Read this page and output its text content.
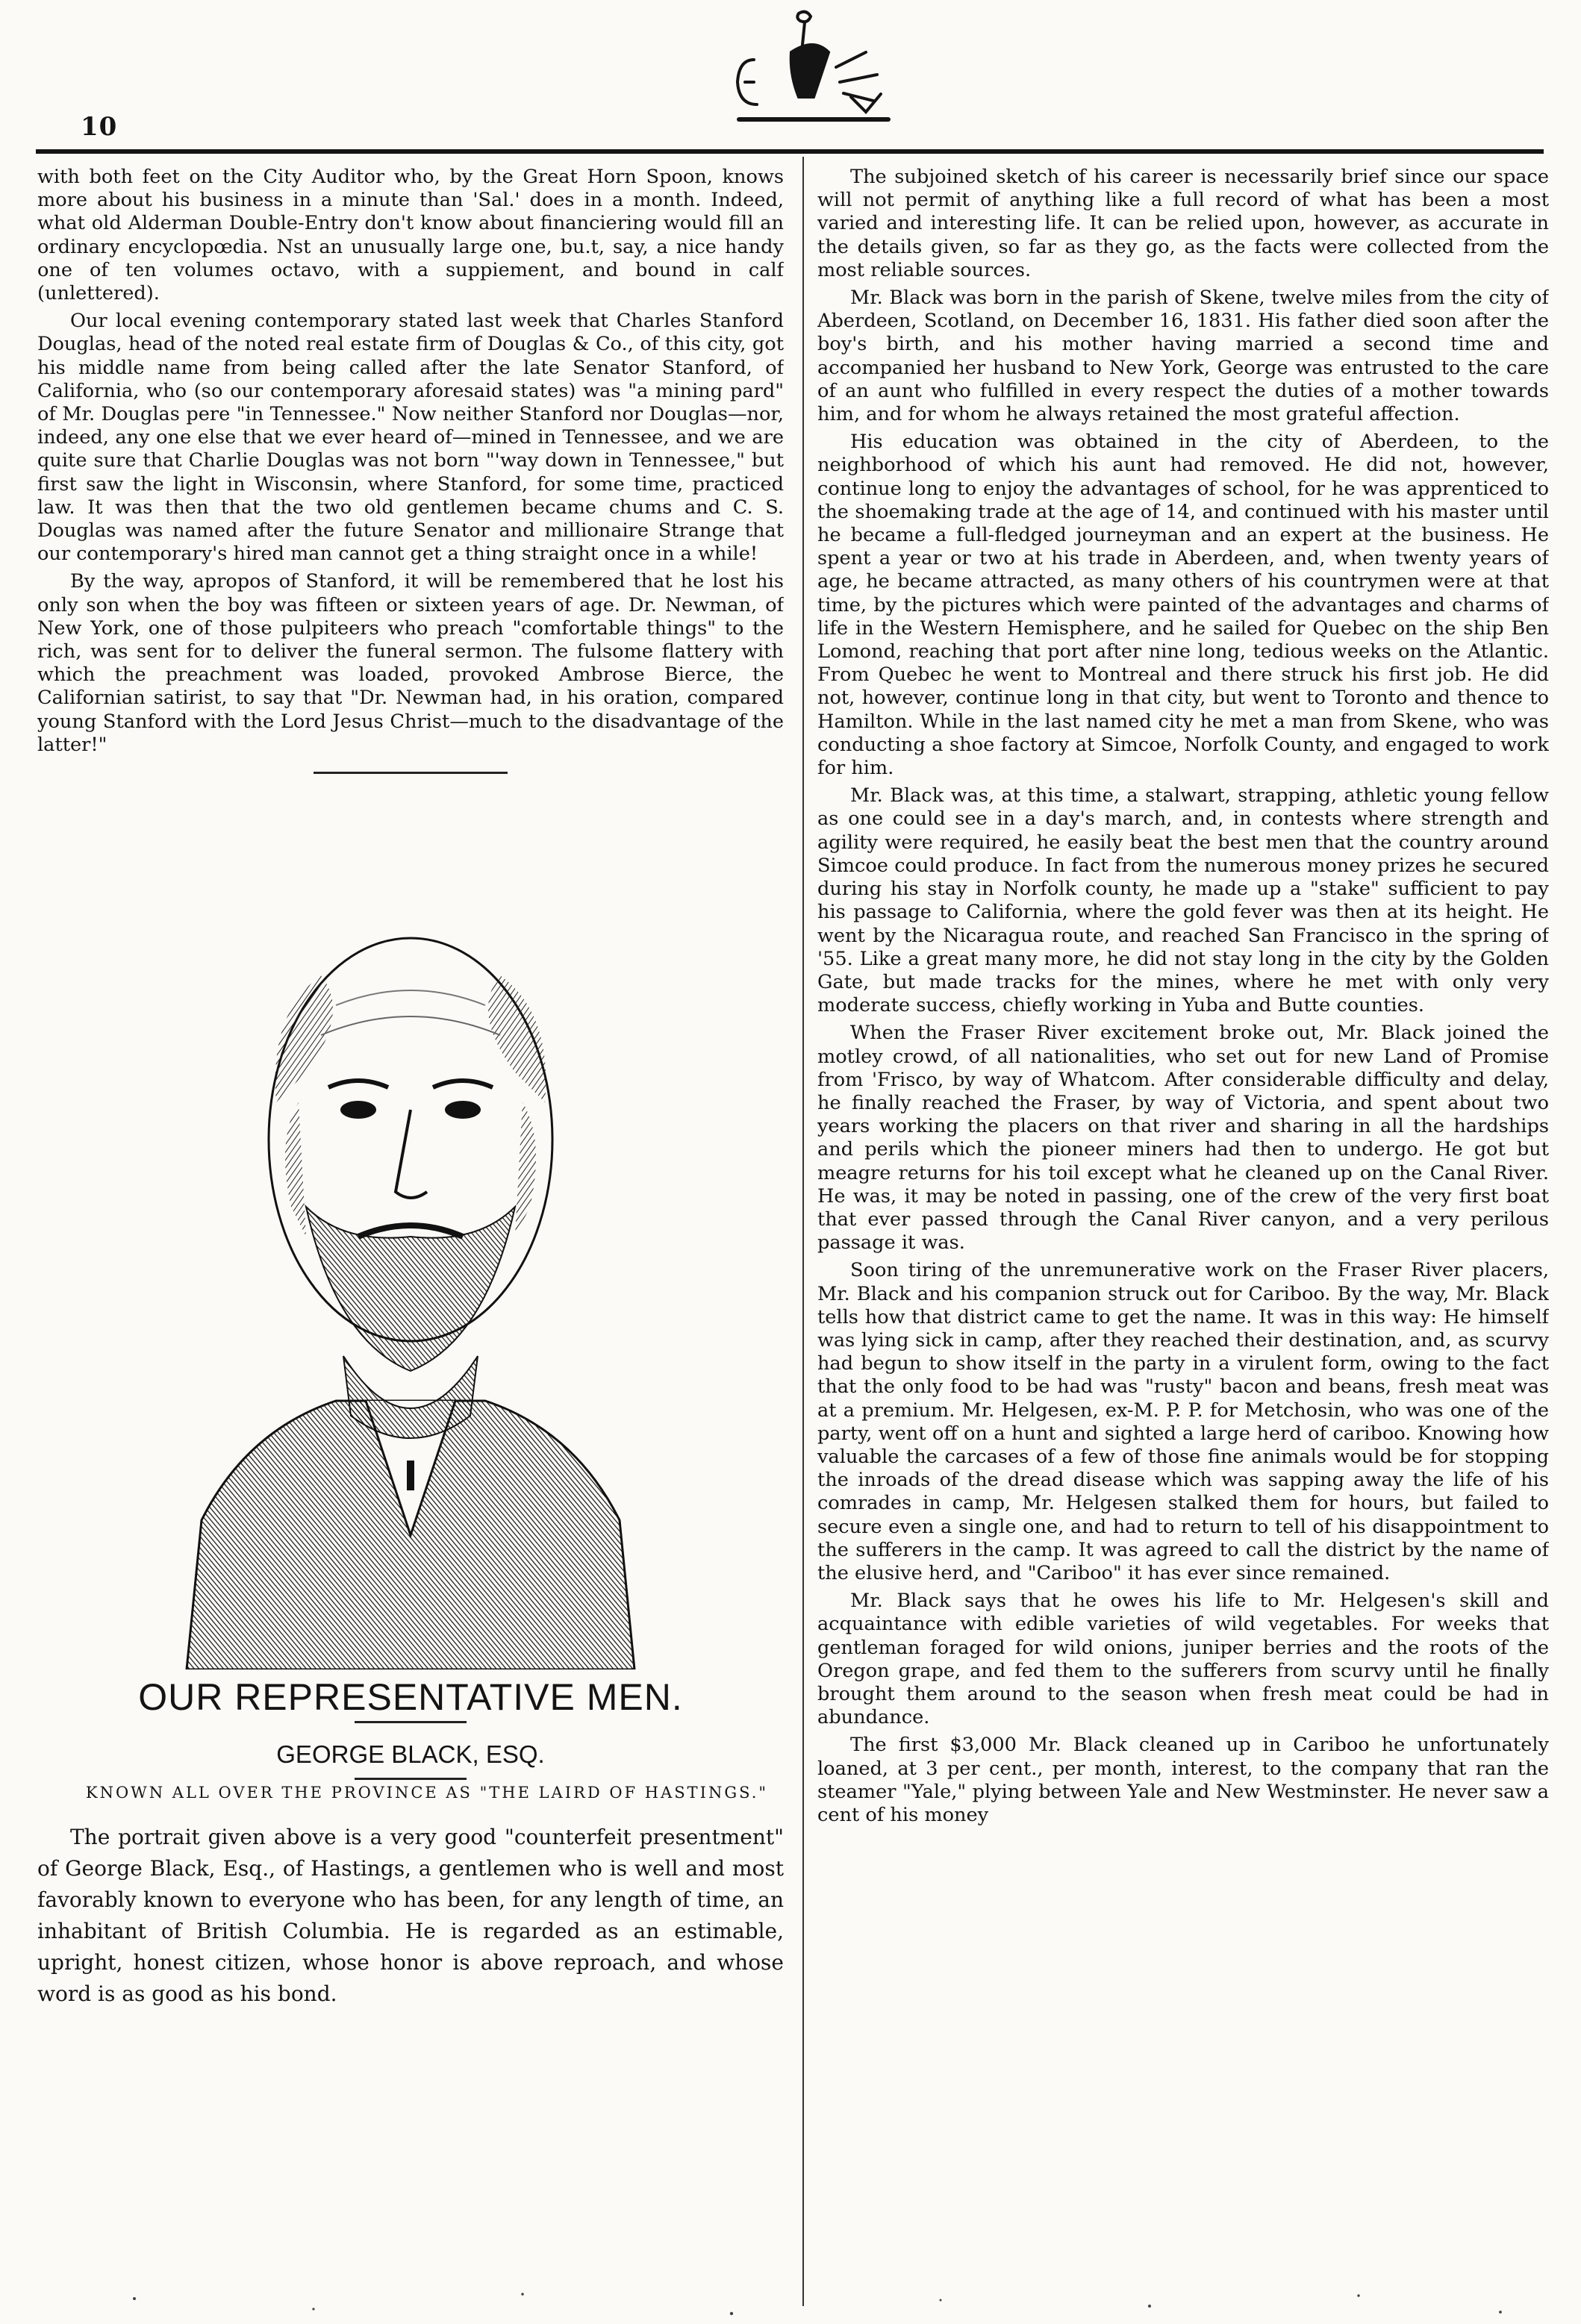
10

with both feet on the City Auditor who, by the Great Horn Spoon, knows more about his business in a minute than 'Sal.' does in a month. Indeed, what old Alderman Double-Entry don't know about financiering would fill an ordinary encyclopœdia. Nst an unusually large one, bu.t, say, a nice handy one of ten volumes octavo, with a suppiement, and bound in calf (unlettered).

Our local evening contemporary stated last week that Charles Stanford Douglas, head of the noted real estate firm of Douglas & Co., of this city, got his middle name from being called after the late Senator Stanford, of California, who (so our contemporary aforesaid states) was "a mining pard" of Mr. Douglas pere "in Tennessee." Now neither Stanford nor Douglas—nor, indeed, any one else that we ever heard of—mined in Tennessee, and we are quite sure that Charlie Douglas was not born "'way down in Tennessee," but first saw the light in Wisconsin, where Stanford, for some time, practiced law. It was then that the two old gentlemen became chums and C. S. Douglas was named after the future Senator and millionaire Strange that our contemporary's hired man cannot get a thing straight once in a while!

By the way, apropos of Stanford, it will be remembered that he lost his only son when the boy was fifteen or sixteen years of age. Dr. Newman, of New York, one of those pulpiteers who preach "comfortable things" to the rich, was sent for to deliver the funeral sermon. The fulsome flattery with which the preachment was loaded, provoked Ambrose Bierce, the Californian satirist, to say that "Dr. Newman had, in his oration, compared young Stanford with the Lord Jesus Christ—much to the disadvantage of the latter!"

OUR REPRESENTATIVE MEN.
GEORGE BLACK, ESQ.

KNOWN ALL OVER THE PROVINCE AS "THE LAIRD OF HASTINGS."

The portrait given above is a very good "counterfeit presentment" of George Black, Esq., of Hastings, a gentlemen who is well and most favorably known to everyone who has been, for any length of time, an inhabitant of British Columbia. He is regarded as an estimable, upright, honest citizen, whose honor is above reproach, and whose word is as good as his bond.

The subjoined sketch of his career is necessarily brief since our space will not permit of anything like a full record of what has been a most varied and interesting life. It can be relied upon, however, as accurate in the details given, so far as they go, as the facts were collected from the most reliable sources.

Mr. Black was born in the parish of Skene, twelve miles from the city of Aberdeen, Scotland, on December 16, 1831. His father died soon after the boy's birth, and his mother having married a second time and accompanied her husband to New York, George was entrusted to the care of an aunt who fulfilled in every respect the duties of a mother towards him, and for whom he always retained the most grateful affection.

His education was obtained in the city of Aberdeen, to the neighborhood of which his aunt had removed. He did not, however, continue long to enjoy the advantages of school, for he was apprenticed to the shoemaking trade at the age of 14, and continued with his master until he became a full-fledged journeyman and an expert at the business. He spent a year or two at his trade in Aberdeen, and, when twenty years of age, he became attracted, as many others of his countrymen were at that time, by the pictures which were painted of the advantages and charms of life in the Western Hemisphere, and he sailed for Quebec on the ship Ben Lomond, reaching that port after nine long, tedious weeks on the Atlantic. From Quebec he went to Montreal and there struck his first job. He did not, however, continue long in that city, but went to Toronto and thence to Hamilton. While in the last named city he met a man from Skene, who was conducting a shoe factory at Simcoe, Norfolk County, and engaged to work for him.

Mr. Black was, at this time, a stalwart, strapping, athletic young fellow as one could see in a day's march, and, in contests where strength and agility were required, he easily beat the best men that the country around Simcoe could produce. In fact from the numerous money prizes he secured during his stay in Norfolk county, he made up a "stake" sufficient to pay his passage to California, where the gold fever was then at its height. He went by the Nicaragua route, and reached San Francisco in the spring of '55. Like a great many more, he did not stay long in the city by the Golden Gate, but made tracks for the mines, where he met with only very moderate success, chiefly working in Yuba and Butte counties.

When the Fraser River excitement broke out, Mr. Black joined the motley crowd, of all nationalities, who set out for new Land of Promise from 'Frisco, by way of Whatcom. After considerable difficulty and delay, he finally reached the Fraser, by way of Victoria, and spent about two years working the placers on that river and sharing in all the hardships and perils which the pioneer miners had then to undergo. He got but meagre returns for his toil except what he cleaned up on the Canal River. He was, it may be noted in passing, one of the crew of the very first boat that ever passed through the Canal River canyon, and a very perilous passage it was.

Soon tiring of the unremunerative work on the Fraser River placers, Mr. Black and his companion struck out for Cariboo. By the way, Mr. Black tells how that district came to get the name. It was in this way: He himself was lying sick in camp, after they reached their destination, and, as scurvy had begun to show itself in the party in a virulent form, owing to the fact that the only food to be had was "rusty" bacon and beans, fresh meat was at a premium. Mr. Helgesen, ex-M. P. P. for Metchosin, who was one of the party, went off on a hunt and sighted a large herd of cariboo. Knowing how valuable the carcases of a few of those fine animals would be for stopping the inroads of the dread disease which was sapping away the life of his comrades in camp, Mr. Helgesen stalked them for hours, but failed to secure even a single one, and had to return to tell of his disappointment to the sufferers in the camp. It was agreed to call the district by the name of the elusive herd, and "Cariboo" it has ever since remained.

Mr. Black says that he owes his life to Mr. Helgesen's skill and acquaintance with edible varieties of wild vegetables. For weeks that gentleman foraged for wild onions, juniper berries and the roots of the Oregon grape, and fed them to the sufferers from scurvy until he finally brought them around to the season when fresh meat could be had in abundance.

The first $3,000 Mr. Black cleaned up in Cariboo he unfortunately loaned, at 3 per cent., per month, interest, to the company that ran the steamer "Yale," plying between Yale and New Westminster. He never saw a cent of his money
